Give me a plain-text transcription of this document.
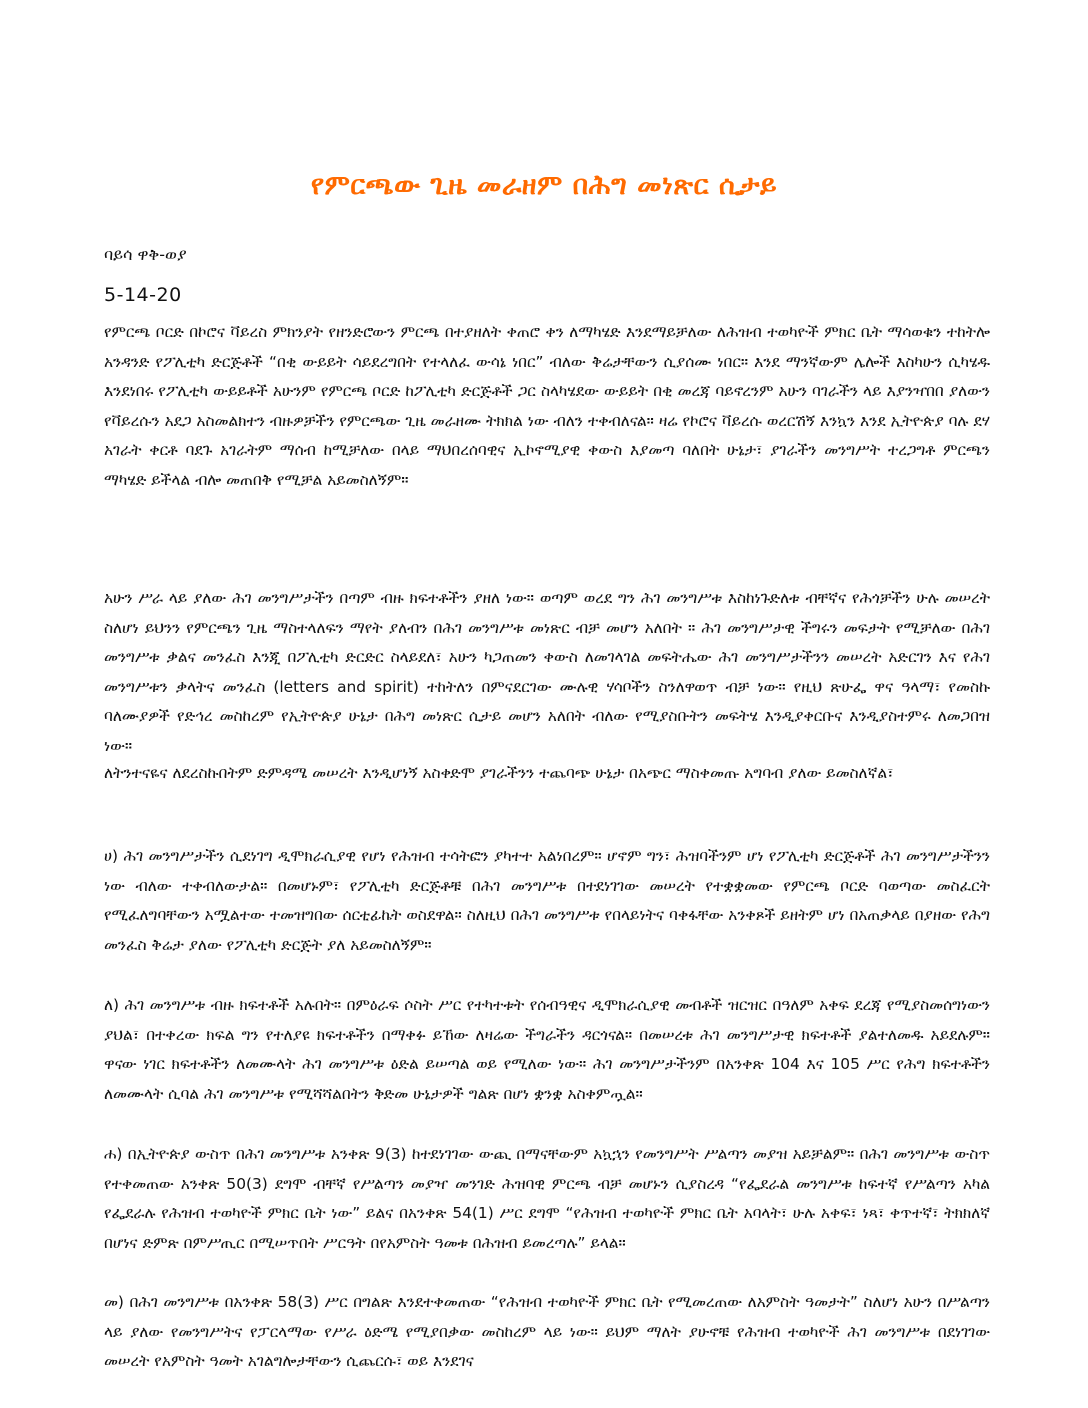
የምርጫው ጊዜ መራዘም በሕግ መነጽር ሲታይ
ባይሳ ዋቅ-ወያ
5-14-20

የምርጫ ቦርድ በኮሮና ቫይረስ ምክንያት የዘንድሮውን ምርጫ በተያዘለት ቀጠሮ ቀን ለማካሄድ እንደማይቻለው ለሕዝብ ተወካዮች ምክር ቤት ማሳወቁን ተከትሎ አንዳንድ የፖሊቲካ ድርጅቶች “በቂ ውይይት ሳይደረግበት የተላለፈ ውሳኔ ነበር” ብለው ቅሬታቸውን ሲያሰሙ ነበር። እንደ ማንኛውም ሌሎች እስካሁን ሲካሄዱ እንደነበሩ የፖሊቲካ ውይይቶች አሁንም የምርጫ ቦርድ ከፖሊቲካ ድርጅቶች ጋር ስላካሄደው ውይይት በቂ መረጃ ባይኖረንም አሁን ባገራችን ላይ እያንዣበበ ያለውን የቫይረሱን አደጋ አስመልክተን ብዙዎቻችን የምርጫው ጊዜ መራዘሙ ትክክል ነው ብለን ተቀብለናል። ዛሬ የኮሮና ቫይረሱ ወረርሽኝ እንኳን እንደ ኢትዮጵያ ባሉ ደሃ አገራት ቀርቶ ባደጉ አገራትም ማሰብ ከሚቻለው በላይ ማህበረሰባዊና ኢኮኖሚያዊ ቀውስ እያመጣ ባለበት ሁኔታ፣ ያገራችን መንግሥት ተረጋግቶ ምርጫን ማካሄድ ይችላል ብሎ መጠበቅ የሚቻል አይመስለኝም።

አሁን ሥራ ላይ ያለው ሕገ መንግሥታችን በጣም ብዙ ክፍተቶችን ያዘለ ነው። ወጣም ወረደ ግን ሕገ መንግሥቱ እስከነጉድለቱ ብቸኛና የሕጎቻችን ሁሉ መሠረት ስለሆነ ይህንን የምርጫን ጊዜ ማስተላለፍን ማየት ያለብን በሕገ መንግሥቱ መነጽር ብቻ መሆን አለበት ። ሕገ መንግሥታዊ ችግሩን መፍታት የሚቻለው በሕገ መንግሥቱ ቃልና መንፈስ እንጂ በፖሊቲካ ድርድር ስላይደለ፣ አሁን ካጋጠመን ቀውስ ለመገላገል መፍትሔው ሕገ መንግሥታችንን መሠረት አድርገን እና የሕገ መንግሥቱን ቃላትና መንፈስ (letters and spirit) ተከትለን በምናደርገው ሙሉዊ ሃሳቦችን ስንለዋወጥ ብቻ ነው። የዚህ ጽሁፌ ዋና ዓላማ፣ የመስኩ ባለሙያዎች የድኅረ መስከረም የኢትዮጵያ ሁኔታ በሕግ መነጽር ሲታይ መሆን አለበት ብለው የሚያስቡትን መፍትሄ እንዲያቀርቡና እንዲያስተምሩ ለመጋበዝ ነው።

ለትንተናዬና ለደረስኩበትም ድምዳሜ መሠረት እንዲሆነኝ አስቀድሞ ያገራችንን ተጨባጭ ሁኔታ በአጭር ማስቀመጡ አግባብ ያለው ይመስለኛል፣

ሀ) ሕገ መንግሥታችን ሲደነገግ ዲሞክራሲያዊ የሆነ የሕዝብ ተሳትፎን ያካተተ አልነበረም። ሆኖም ግን፣ ሕዝባችንም ሆነ የፖሊቲካ ድርጅቶች ሕገ መንግሥታችንን ነው ብለው ተቀብለውታል። በመሆኑም፣ የፖሊቲካ ድርጅቶቹ በሕገ መንግሥቱ በተደነገገው መሠረት የተቋቋመው የምርጫ ቦርድ ባወጣው መስፈርት የሚፈለግባቸውን አሟልተው ተመዝግበው ሰርቲፊኬት ወስደዋል። ስለዚህ በሕገ መንግሥቱ የበላይነትና ባቀፋቸው አንቀጾች ይዘትም ሆነ በአጠቃላይ በያዘው የሕግ መንፈስ ቅሬታ ያለው የፖሊቲካ ድርጅት ያለ አይመስለኝም።

ለ) ሕገ መንግሥቱ ብዙ ክፍተቶች አሉበት። በምዕራፍ ሶስት ሥር የተካተቱት የሰብዓዊና ዲሞክራሲያዊ መብቶች ዝርዝር በዓለም አቀፍ ደረጃ የሚያስመሰግነውን ያህል፣ በተቀረው ክፍል ግን የተለያዩ ክፍተቶችን በማቀፉ ይኸው ለዛሬው ችግራችን ዳርጎናል። በመሠረቱ ሕገ መንግሥታዊ ክፍተቶች ያልተለመዱ አይደሉም። ዋናው ነገር ክፍተቶችን ለመሙላት ሕገ መንግሥቱ ዕድል ይሠጣል ወይ የሚለው ነው። ሕገ መንግሥታችንም በአንቀጽ 104 እና 105 ሥር የሕግ ክፍተቶችን ለመሙላት ሲባል ሕገ መንግሥቱ የሚሻሻልበትን ቅድመ ሁኔታዎች ግልጽ በሆነ ቋንቋ አስቀምጧል።

ሐ) በኢትዮጵያ ውስጥ በሕገ መንግሥቱ አንቀጽ 9(3) ከተደነገገው ውጪ በማናቸውም አኳኋን የመንግሥት ሥልጣን መያዝ አይቻልም። በሕገ መንግሥቱ ውስጥ የተቀመጠው አንቀጽ 50(3) ደግሞ ብቸኛ የሥልጣን መያዣ መንገድ ሕዝባዊ ምርጫ ብቻ መሆኑን ሲያስረዳ “የፌደራል መንግሥቱ ከፍተኛ የሥልጣን አካል የፌደራሉ የሕዝብ ተወካዮች ምክር ቤት ነው” ይልና በአንቀጽ 54(1) ሥር ደግሞ “የሕዝብ ተወካዮች ምክር ቤት አባላት፣ ሁሉ አቀፍ፣ ነጻ፣ ቀጥተኛ፣ ትክክለኛ በሆነና ድምጽ በምሥጢር በሚሠጥበት ሥርዓት በየአምስት ዓመቱ በሕዝብ ይመረጣሉ” ይላል።

መ) በሕገ መንግሥቱ በአንቀጽ 58(3) ሥር በግልጽ እንደተቀመጠው “የሕዝብ ተወካዮች ምክር ቤት የሚመረጠው ለአምስት ዓመታት” ስለሆነ አሁን በሥልጣን ላይ ያለው የመንግሥትና የፓርላማው የሥራ ዕድሜ የሚያበቃው መስከረም ላይ ነው። ይህም ማለት ያሁኖቹ የሕዝብ ተወካዮች ሕገ መንግሥቱ በደነገገው መሠረት የአምስት ዓመት አገልግሎታቸውን ሲጨርሱ፣ ወይ እንደገና
